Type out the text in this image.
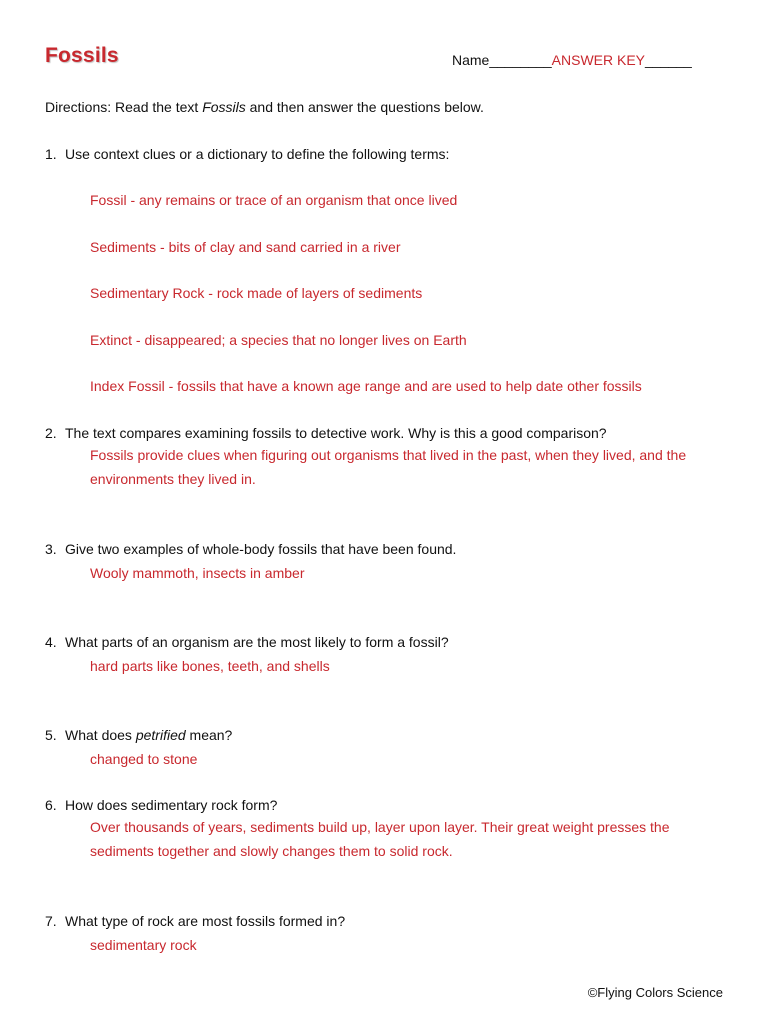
Fossils	Name________ANSWER KEY______
Directions: Read the text Fossils and then answer the questions below.
1. Use context clues or a dictionary to define the following terms:
Fossil - any remains or trace of an organism that once lived
Sediments - bits of clay and sand carried in a river
Sedimentary Rock - rock made of layers of sediments
Extinct - disappeared; a species that no longer lives on Earth
Index Fossil - fossils that have a known age range and are used to help date other fossils
2. The text compares examining fossils to detective work. Why is this a good comparison?
Fossils provide clues when figuring out organisms that lived in the past, when they lived, and the environments they lived in.
3. Give two examples of whole-body fossils that have been found.
Wooly mammoth, insects in amber
4. What parts of an organism are the most likely to form a fossil?
hard parts like bones, teeth, and shells
5. What does petrified mean?
changed to stone
6. How does sedimentary rock form?
Over thousands of years, sediments build up, layer upon layer. Their great weight presses the sediments together and slowly changes them to solid rock.
7. What type of rock are most fossils formed in?
sedimentary rock
©Flying Colors Science
